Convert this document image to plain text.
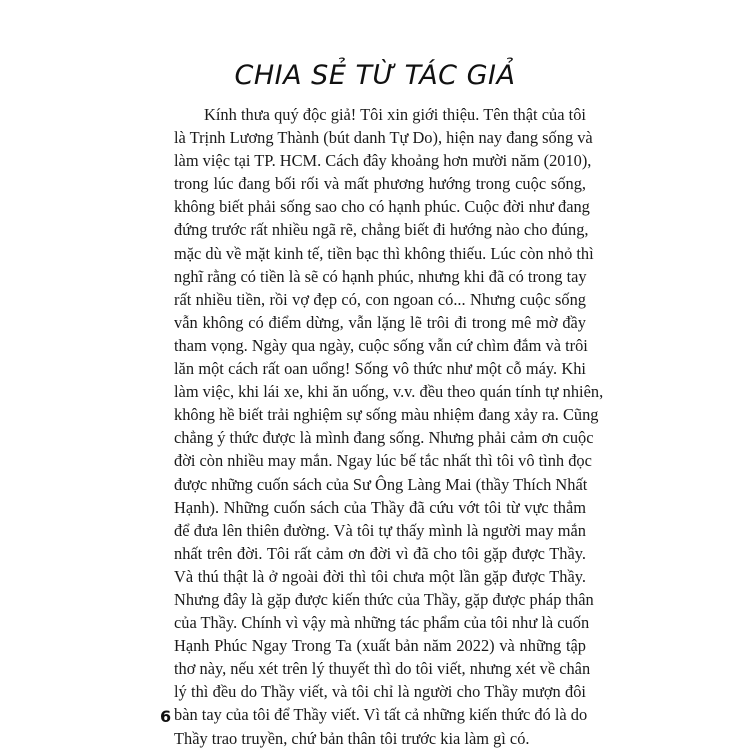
CHIA SẺ TỪ TÁC GIẢ
Kính thưa quý độc giả! Tôi xin giới thiệu. Tên thật của tôi
là Trịnh Lương Thành (bút danh Tự Do), hiện nay đang sống và
làm việc tại TP. HCM. Cách đây khoảng hơn mười năm (2010),
trong lúc đang bối rối và mất phương hướng trong cuộc sống,
không biết phải sống sao cho có hạnh phúc. Cuộc đời như đang
đứng trước rất nhiều ngã rẽ, chẳng biết đi hướng nào cho đúng,
mặc dù về mặt kinh tế, tiền bạc thì không thiếu. Lúc còn nhỏ thì
nghĩ rằng có tiền là sẽ có hạnh phúc, nhưng khi đã có trong tay
rất nhiều tiền, rồi vợ đẹp có, con ngoan có... Nhưng cuộc sống
vẫn không có điểm dừng, vẫn lặng lẽ trôi đi trong mê mờ đầy
tham vọng. Ngày qua ngày, cuộc sống vẫn cứ chìm đắm và trôi
lăn một cách rất oan uổng! Sống vô thức như một cỗ máy. Khi
làm việc, khi lái xe, khi ăn uống, v.v. đều theo quán tính tự nhiên,
không hề biết trải nghiệm sự sống màu nhiệm đang xảy ra. Cũng
chẳng ý thức được là mình đang sống. Nhưng phải cảm ơn cuộc
đời còn nhiều may mắn. Ngay lúc bế tắc nhất thì tôi vô tình đọc
được những cuốn sách của Sư Ông Làng Mai (thầy Thích Nhất
Hạnh). Những cuốn sách của Thầy đã cứu vớt tôi từ vực thẳm
để đưa lên thiên đường. Và tôi tự thấy mình là người may mắn
nhất trên đời. Tôi rất cảm ơn đời vì đã cho tôi gặp được Thầy.
Và thú thật là ở ngoài đời thì tôi chưa một lần gặp được Thầy.
Nhưng đây là gặp được kiến thức của Thầy, gặp được pháp thân
của Thầy. Chính vì vậy mà những tác phẩm của tôi như là cuốn
Hạnh Phúc Ngay Trong Ta (xuất bản năm 2022) và những tập
thơ này, nếu xét trên lý thuyết thì do tôi viết, nhưng xét về chân
lý thì đều do Thầy viết, và tôi chỉ là người cho Thầy mượn đôi
bàn tay của tôi để Thầy viết. Vì tất cả những kiến thức đó là do
Thầy trao truyền, chứ bản thân tôi trước kia làm gì có.
6
